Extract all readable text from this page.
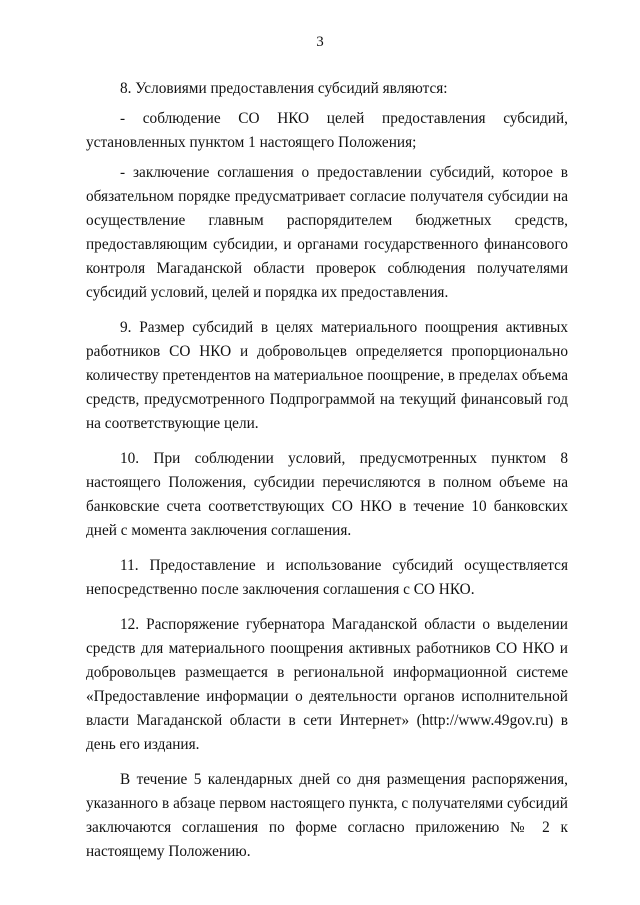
3

8. Условиями предоставления субсидий являются:

- соблюдение СО НКО целей предоставления субсидий, установленных пунктом 1 настоящего Положения;

- заключение соглашения о предоставлении субсидий, которое в обязательном порядке предусматривает согласие получателя субсидии на осуществление главным распорядителем бюджетных средств, предоставляющим субсидии, и органами государственного финансового контроля Магаданской области проверок соблюдения получателями субсидий условий, целей и порядка их предоставления.

9. Размер субсидий в целях материального поощрения активных работников СО НКО и добровольцев определяется пропорционально количеству претендентов на материальное поощрение, в пределах объема средств, предусмотренного Подпрограммой на текущий финансовый год на соответствующие цели.

10. При соблюдении условий, предусмотренных пунктом 8 настоящего Положения, субсидии перечисляются в полном объеме на банковские счета соответствующих СО НКО в течение 10 банковских дней с момента заключения соглашения.

11. Предоставление и использование субсидий осуществляется непосредственно после заключения соглашения с СО НКО.

12. Распоряжение губернатора Магаданской области о выделении средств для материального поощрения активных работников СО НКО и добровольцев размещается в региональной информационной системе «Предоставление информации о деятельности органов исполнительной власти Магаданской области в сети Интернет» (http://www.49gov.ru) в день его издания.

В течение 5 календарных дней со дня размещения распоряжения, указанного в абзаце первом настоящего пункта, с получателями субсидий заключаются соглашения по форме согласно приложению № 2 к настоящему Положению.
